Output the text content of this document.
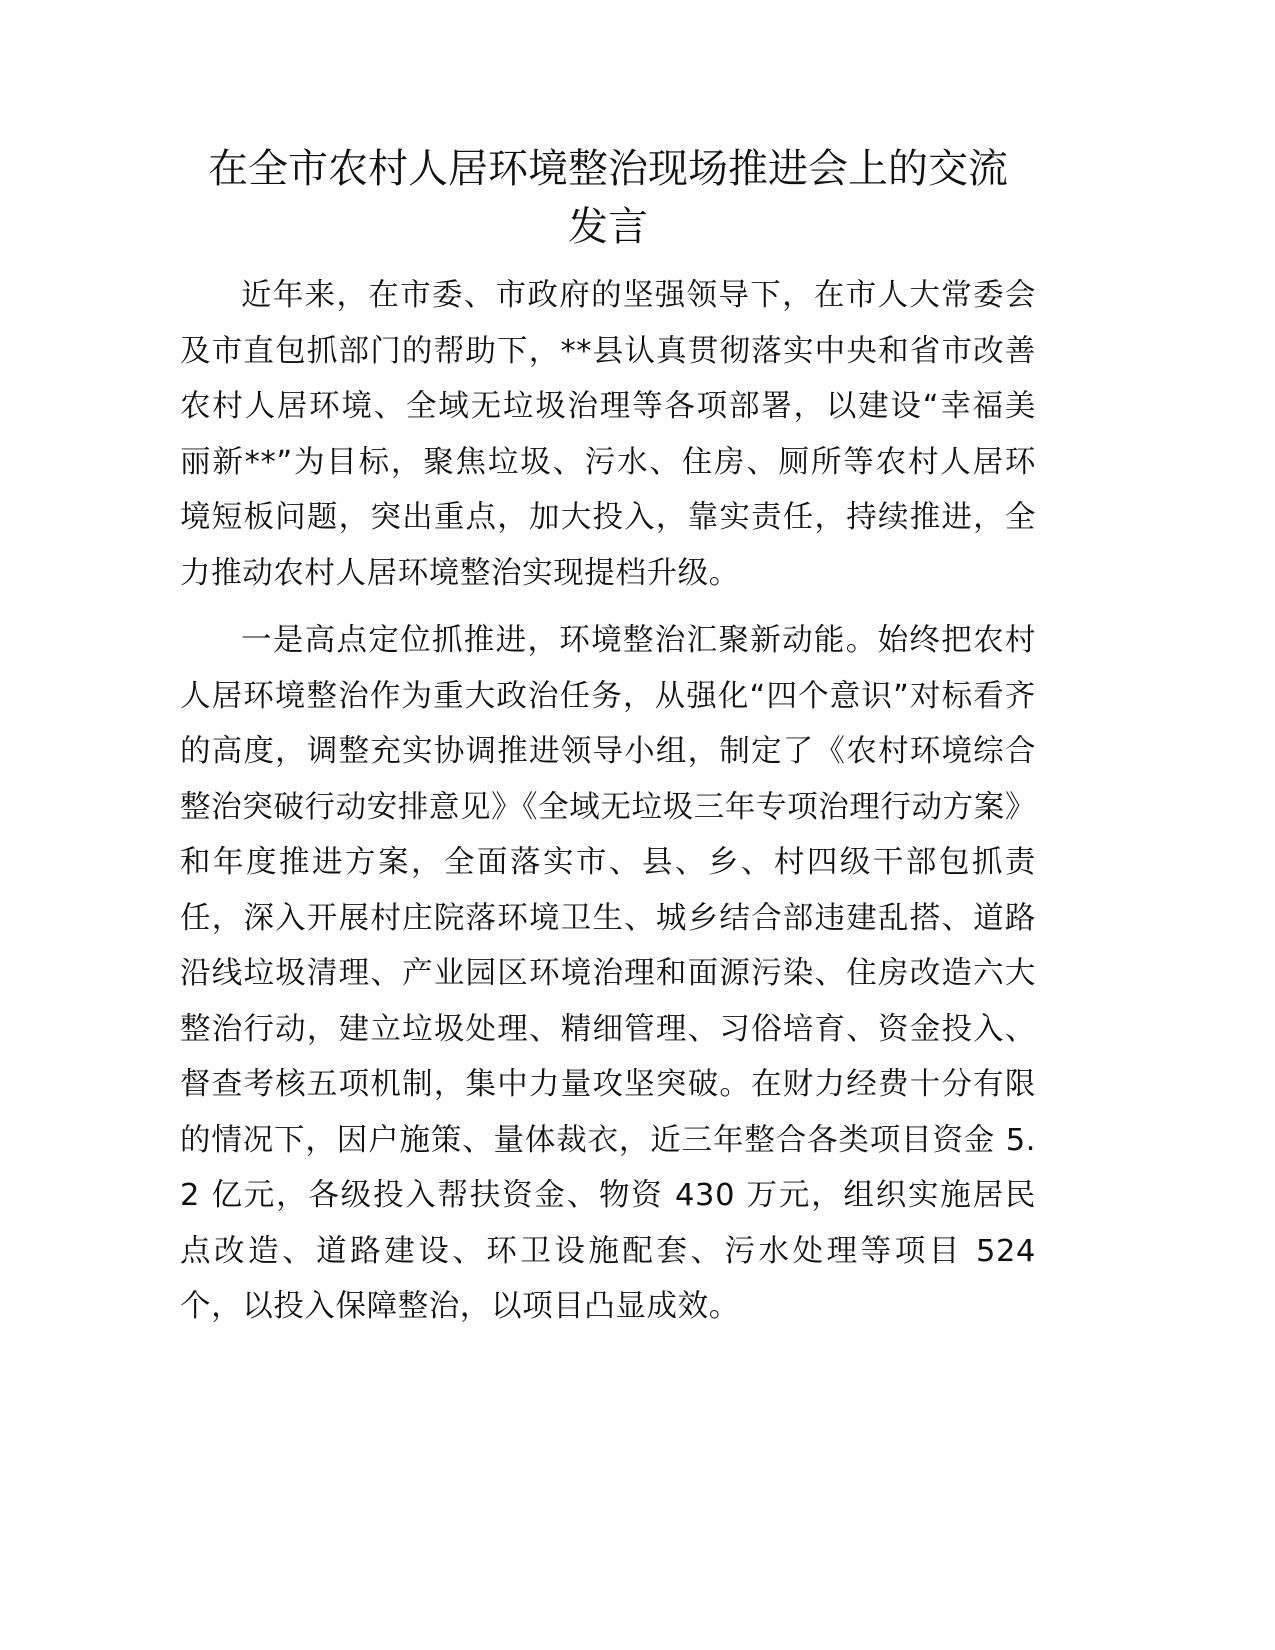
在全市农村人居环境整治现场推进会上的交流
发言

近年来，在市委、市政府的坚强领导下，在市人大常委会及市直包抓部门的帮助下，**县认真贯彻落实中央和省市改善农村人居环境、全域无垃圾治理等各项部署，以建设“幸福美丽新**”为目标，聚焦垃圾、污水、住房、厕所等农村人居环境短板问题，突出重点，加大投入，靠实责任，持续推进，全力推动农村人居环境整治实现提档升级。

一是高点定位抓推进，环境整治汇聚新动能。始终把农村人居环境整治作为重大政治任务，从强化“四个意识”对标看齐的高度，调整充实协调推进领导小组，制定了《农村环境综合整治突破行动安排意见》《全域无垃圾三年专项治理行动方案》和年度推进方案，全面落实市、县、乡、村四级干部包抓责任，深入开展村庄院落环境卫生、城乡结合部违建乱搭、道路沿线垃圾清理、产业园区环境治理和面源污染、住房改造六大整治行动，建立垃圾处理、精细管理、习俗培育、资金投入、督查考核五项机制，集中力量攻坚突破。在财力经费十分有限的情况下，因户施策、量体裁衣，近三年整合各类项目资金 5.2 亿元，各级投入帮扶资金、物资 430 万元，组织实施居民点改造、道路建设、环卫设施配套、污水处理等项目 524 个，以投入保障整治，以项目凸显成效。
